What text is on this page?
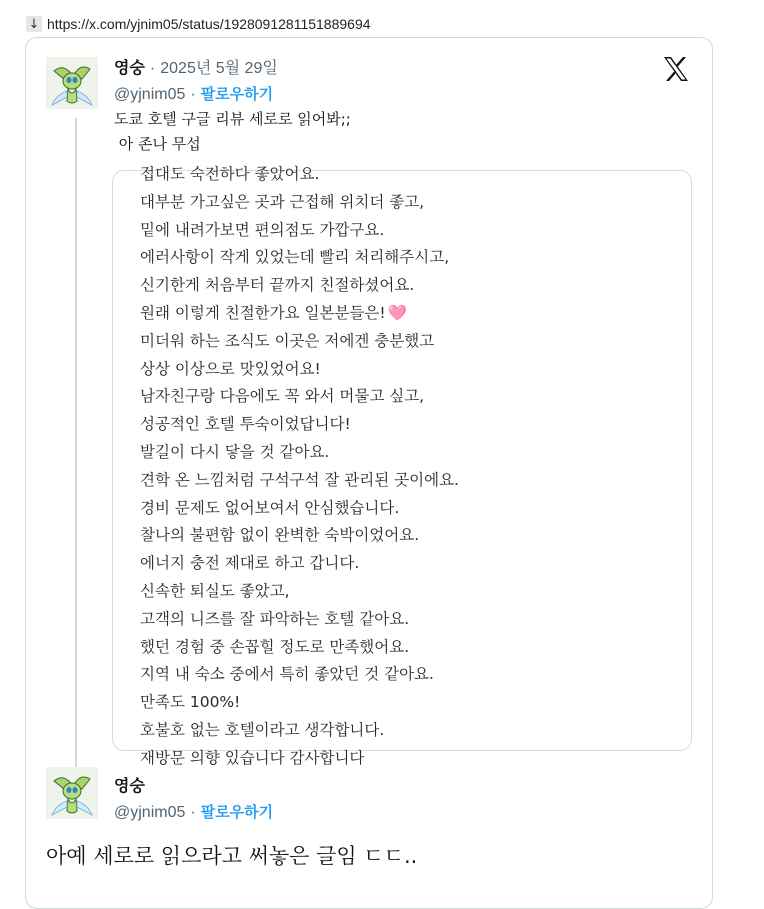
↓ https://x.com/yjnim05/status/1928091281151889694
영숭 · 2025년 5월 29일
@yjnim05 · 팔로우하기
도쿄 호텔 구글 리뷰 세로로 읽어봐;;
아 존나 무섭
접대도 숙전하다 좋았어요.
대부분 가고싶은 곳과 근접해 위치더 좋고,
밑에 내려가보면 편의점도 가깝구요.
에러사항이 작게 있었는데 빨리 처리해주시고,
신기한게 처음부터 끝까지 친절하셨어요.
원래 이렇게 친절한가요 일본분들은! 🩷
미더워 하는 조식도 이곳은 저에겐 충분했고
상상 이상으로 맛있었어요!
남자친구랑 다음에도 꼭 와서 머물고 싶고,
성공적인 호텔 투숙이었답니다!
발길이 다시 닿을 것 같아요.
견학 온 느낌처럼 구석구석 잘 관리된 곳이에요.
경비 문제도 없어보여서 안심했습니다.
찰나의 불편함 없이 완벽한 숙박이었어요.
에너지 충전 제대로 하고 갑니다.
신속한 퇴실도 좋았고,
고객의 니즈를 잘 파악하는 호텔 같아요.
했던 경험 중 손꼽힐 정도로 만족했어요.
지역 내 숙소 중에서 특히 좋았던 것 같아요.
만족도 100%!
호불호 없는 호텔이라고 생각합니다.
재방문 의향 있습니다 감사합니다
영숭
@yjnim05 · 팔로우하기
아예 세로로 읽으라고 써놓은 글임 ㄷㄷ..
